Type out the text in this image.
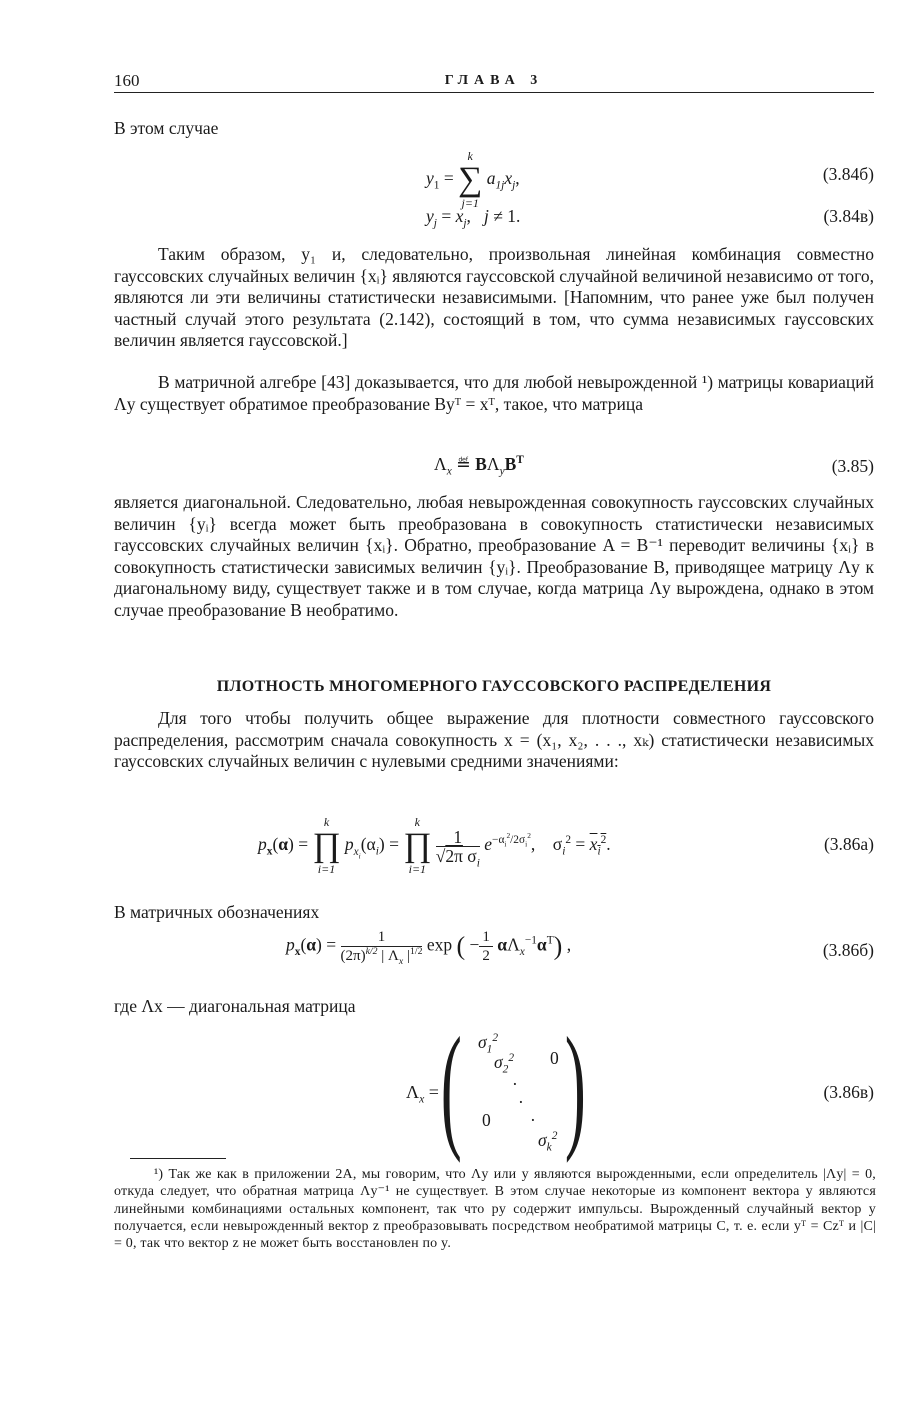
160	ГЛАВА 3

В этом случае

$y_1$ =
k
∑
j=1
$a_{1j}x_j$,	(3.84б)
$y_j = x_j$,   j ≠ 1.	(3.84в)

Таким образом, y₁ и, следовательно, произвольная линейная комбинация совместно гауссовских случайных величин {xᵢ} являются гауссовской случайной величиной независимо от того, являются ли эти величины статистически независимыми. [Напомним, что ранее уже был получен частный случай этого результата (2.142), состоящий в том, что сумма независимых гауссовских величин является гауссовской.]

В матричной алгебре [43] доказывается, что для любой невырожденной ¹) матрицы ковариаций Λy существует обратимое преобразование Byᵀ = xᵀ, такое, что матрица

$\Lambda_x$ ≝ $B\Lambda_yB^T$	(3.85)

является диагональной. Следовательно, любая невырожденная совокупность гауссовских случайных величин {yᵢ} всегда может быть преобразована в совокупность статистически независимых гауссовских случайных величин {xᵢ}. Обратно, преобразование A = B⁻¹ переводит величины {xᵢ} в совокупность статистически зависимых величин {yᵢ}. Преобразование B, приводящее матрицу Λy к диагональному виду, существует также и в том случае, когда матрица Λy вырождена, однако в этом случае преобразование B необратимо.

ПЛОТНОСТЬ МНОГОМЕРНОГО ГАУССОВСКОГО РАСПРЕДЕЛЕНИЯ

Для того чтобы получить общее выражение для плотности совместного гауссовского распределения, рассмотрим сначала совокупность x = (x₁, x₂, . . ., xₖ) статистически независимых гауссовских случайных величин с нулевыми средними значениями:

$p_x(\alpha)$ =
k
∏
i=1
$p_{x_i}(\alpha_i)$ =
k
∏
i=1

$\frac{1}{√2\pi \sigma_i} e^{-\alpha_i^2/2\sigma_i^2}$,    $\sigma_i^2 = x_i^2$.	(3.86а)

В матричных обозначениях

$p_x(\alpha) = \frac{1}{(2\pi)^{k/2} | \Lambda_x |^{1/2}}$ exp ( − $\frac{1}{2} \alpha\Lambda_x^{-1}\alpha^T$) ,	(3.86б)

где Λx — диагональная матрица

$\Lambda_x$ = ( )
$\sigma_1^2$
$\sigma_2^2$ 0
·
·
0 ·
$\sigma_k^2$
(3.86в)

¹) Так же как в приложении 2А, мы говорим, что Λy или y являются вырожденными, если определитель |Λy| = 0, откуда следует, что обратная матрица Λy⁻¹ не существует. В этом случае некоторые из компонент вектора y являются линейными комбинациями остальных компонент, так что py содержит импульсы. Вырожденный случайный вектор y получается, если невырожденный вектор z преобразовывать посредством необратимой матрицы C, т. е. если yᵀ = Czᵀ и |C| = 0, так что вектор z не может быть восстановлен по y.
